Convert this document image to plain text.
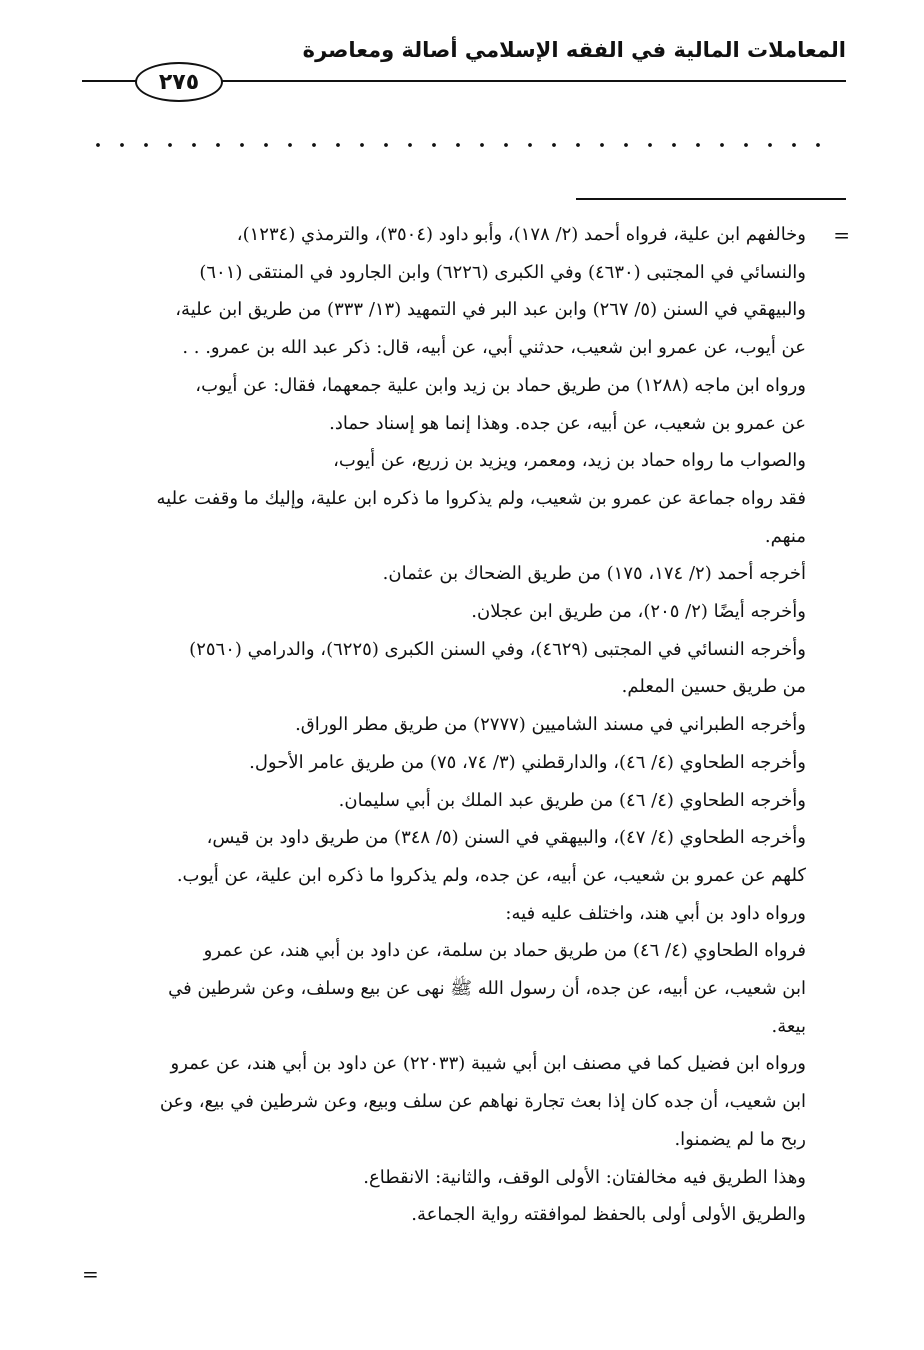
المعاملات المالية في الفقه الإسلامي أصالة ومعاصرة
٢٧٥
=
=
وخالفهم ابن علية، فرواه أحمد (٢/ ١٧٨)، وأبو داود (٣٥٠٤)، والترمذي (١٢٣٤)،
والنسائي في المجتبى (٤٦٣٠) وفي الكبرى (٦٢٢٦) وابن الجارود في المنتقى (٦٠١)
والبيهقي في السنن (٥/ ٢٦٧) وابن عبد البر في التمهيد (١٣/ ٣٣٣) من طريق ابن علية،
عن أيوب، عن عمرو ابن شعيب، حدثني أبي، عن أبيه، قال: ذكر عبد الله بن عمرو. . .
ورواه ابن ماجه (١٢٨٨) من طريق حماد بن زيد وابن علية جمعهما، فقال: عن أيوب،
عن عمرو بن شعيب، عن أبيه، عن جده. وهذا إنما هو إسناد حماد.
والصواب ما رواه حماد بن زيد، ومعمر، ويزيد بن زريع، عن أيوب،
فقد رواه جماعة عن عمرو بن شعيب، ولم يذكروا ما ذكره ابن علية، وإليك ما وقفت عليه
منهم.
أخرجه أحمد (٢/ ١٧٤، ١٧٥) من طريق الضحاك بن عثمان.
وأخرجه أيضًا (٢/ ٢٠٥)، من طريق ابن عجلان.
وأخرجه النسائي في المجتبى (٤٦٢٩)، وفي السنن الكبرى (٦٢٢٥)، والدرامي (٢٥٦٠)
من طريق حسين المعلم.
وأخرجه الطبراني في مسند الشاميين (٢٧٧٧) من طريق مطر الوراق.
وأخرجه الطحاوي (٤/ ٤٦)، والدارقطني (٣/ ٧٤، ٧٥) من طريق عامر الأحول.
وأخرجه الطحاوي (٤/ ٤٦) من طريق عبد الملك بن أبي سليمان.
وأخرجه الطحاوي (٤/ ٤٧)، والبيهقي في السنن (٥/ ٣٤٨) من طريق داود بن قيس،
كلهم عن عمرو بن شعيب، عن أبيه، عن جده، ولم يذكروا ما ذكره ابن علية، عن أيوب.
ورواه داود بن أبي هند، واختلف عليه فيه:
فرواه الطحاوي (٤/ ٤٦) من طريق حماد بن سلمة، عن داود بن أبي هند، عن عمرو
ابن شعيب، عن أبيه، عن جده، أن رسول الله ﷺ نهى عن بيع وسلف، وعن شرطين في
بيعة.
ورواه ابن فضيل كما في مصنف ابن أبي شيبة (٢٢٠٣٣) عن داود بن أبي هند، عن عمرو
ابن شعيب، أن جده كان إذا بعث تجارة نهاهم عن سلف وبيع، وعن شرطين في بيع، وعن
ربح ما لم يضمنوا.
وهذا الطريق فيه مخالفتان: الأولى الوقف، والثانية: الانقطاع.
والطريق الأولى أولى بالحفظ لموافقته رواية الجماعة.
